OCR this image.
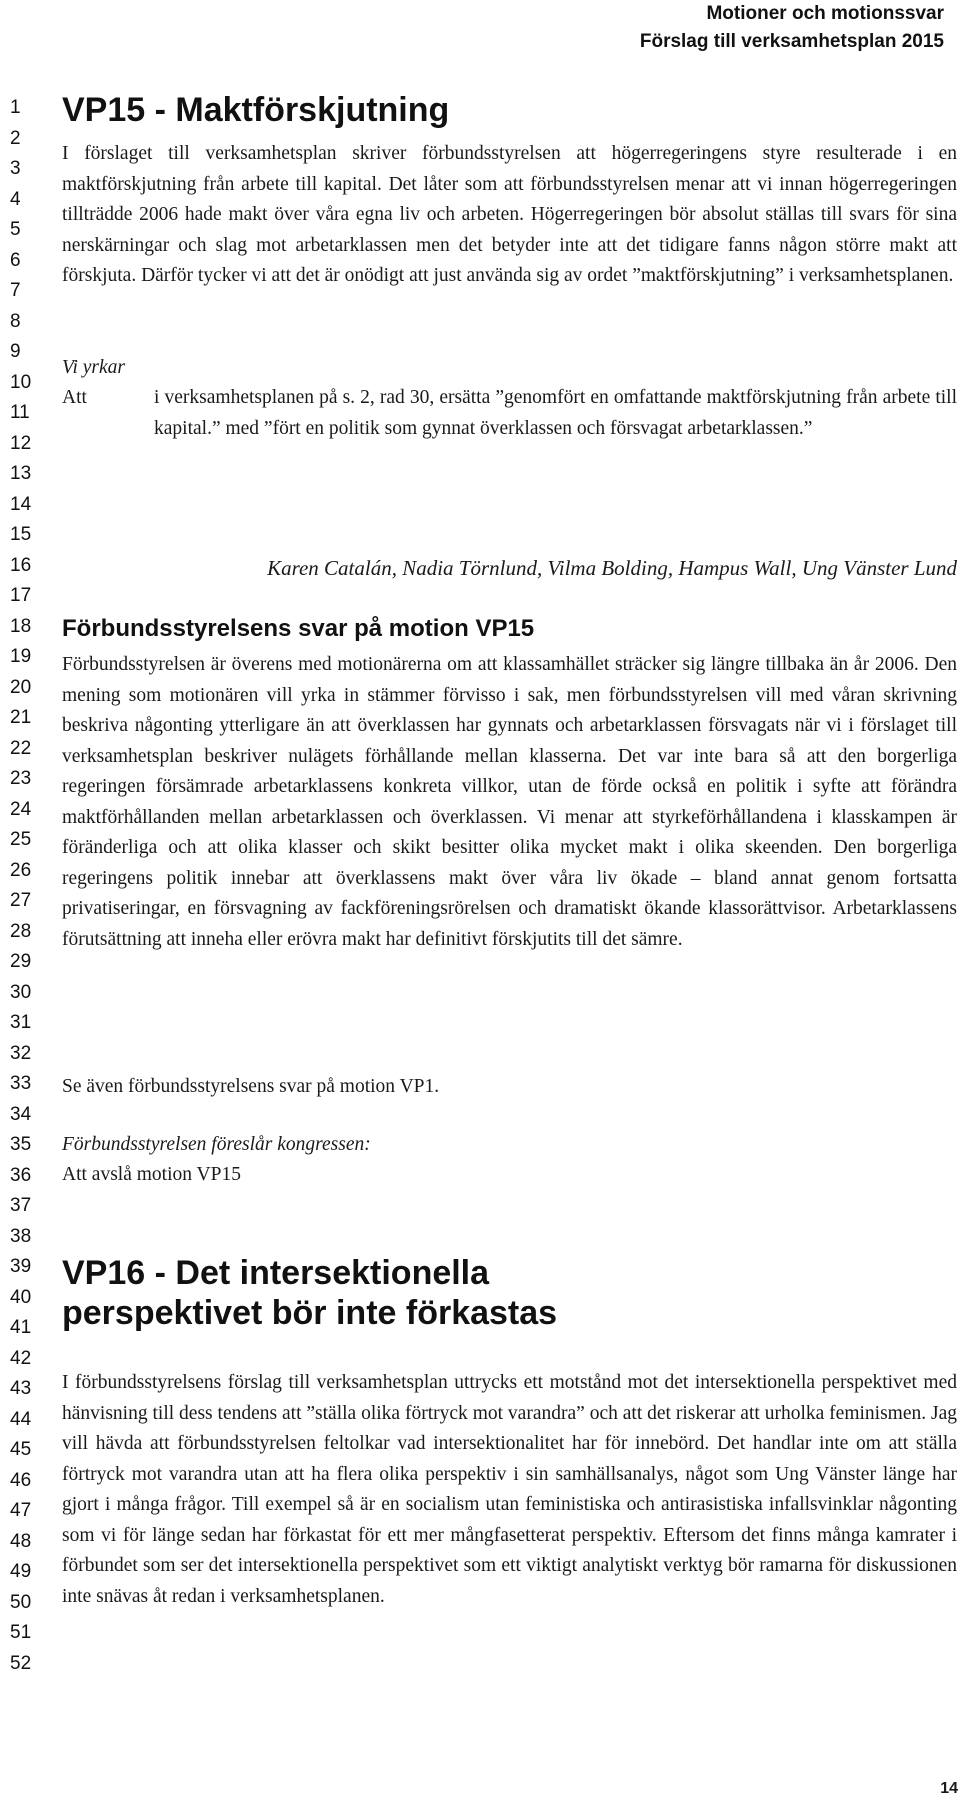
Motioner och motionssvar
Förslag till verksamhetsplan 2015
1
2
3
4
5
6
7
8
9
10
11
12
13
14
15
16
17
18
19
20
21
22
23
24
25
26
27
28
29
30
31
32
33
34
35
36
37
38
39
40
41
42
43
44
45
46
47
48
49
50
51
52
VP15 - Maktförskjutning

I förslaget till verksamhetsplan skriver förbundsstyrelsen att högerregeringens styre resulterade i en maktförskjutning från arbete till kapital. Det låter som att förbundsstyrelsen menar att vi innan högerregeringen tillträdde 2006 hade makt över våra egna liv och arbeten. Högerregeringen bör absolut ställas till svars för sina nerskärningar och slag mot arbetarklassen men det betyder inte att det tidigare fanns någon större makt att förskjuta. Därför tycker vi att det är onödigt att just använda sig av ordet ”maktförskjutning” i verksamhetsplanen.

Vi yrkar

Att	i verksamhetsplanen på s. 2, rad 30, ersätta ”genomfört en omfattande maktförskjutning från arbete till kapital.” med ”fört en politik som gynnat överklassen och försvagat arbetarklassen.”
Karen Catalán, Nadia Törnlund, Vilma Bolding, Hampus Wall, Ung Vänster Lund
Förbundsstyrelsens svar på motion VP15

Förbundsstyrelsen är överens med motionärerna om att klassamhället sträcker sig längre tillbaka än år 2006. Den mening som motionären vill yrka in stämmer förvisso i sak, men förbundsstyrelsen vill med våran skrivning beskriva någonting ytterligare än att överklassen har gynnats och arbetarklassen försvagats när vi i förslaget till verksamhetsplan beskriver nulägets förhållande mellan klasserna. Det var inte bara så att den borgerliga regeringen försämrade arbetarklassens konkreta villkor, utan de förde också en politik i syfte att förändra maktförhållanden mellan arbetarklassen och överklassen. Vi menar att styrkeförhållandena i klasskampen är föränderliga och att olika klasser och skikt besitter olika mycket makt i olika skeenden. Den borgerliga regeringens politik innebar att överklassens makt över våra liv ökade – bland annat genom fortsatta privatiseringar, en försvagning av fackföreningsrörelsen och dramatiskt ökande klassorättvisor. Arbetarklassens förutsättning att inneha eller erövra makt har definitivt förskjutits till det sämre.

Se även förbundsstyrelsens svar på motion VP1.

Förbundsstyrelsen föreslår kongressen:

Att avslå motion VP15
VP16 - Det intersektionella
perspektivet bör inte förkastas

I förbundsstyrelsens förslag till verksamhetsplan uttrycks ett motstånd mot det intersektionella perspektivet med hänvisning till dess tendens att ”ställa olika förtryck mot varandra” och att det riskerar att urholka feminismen. Jag vill hävda att förbundsstyrelsen feltolkar vad intersektionalitet har för innebörd. Det handlar inte om att ställa förtryck mot varandra utan att ha flera olika perspektiv i sin samhällsanalys, något som Ung Vänster länge har gjort i många frågor. Till exempel så är en socialism utan feministiska och antirasistiska infallsvinklar någonting som vi för länge sedan har förkastat för ett mer mångfasetterat perspektiv. Eftersom det finns många kamrater i förbundet som ser det intersektionella perspektivet som ett viktigt analytiskt verktyg bör ramarna för diskussionen inte snävas åt redan i verksamhetsplanen.

14
